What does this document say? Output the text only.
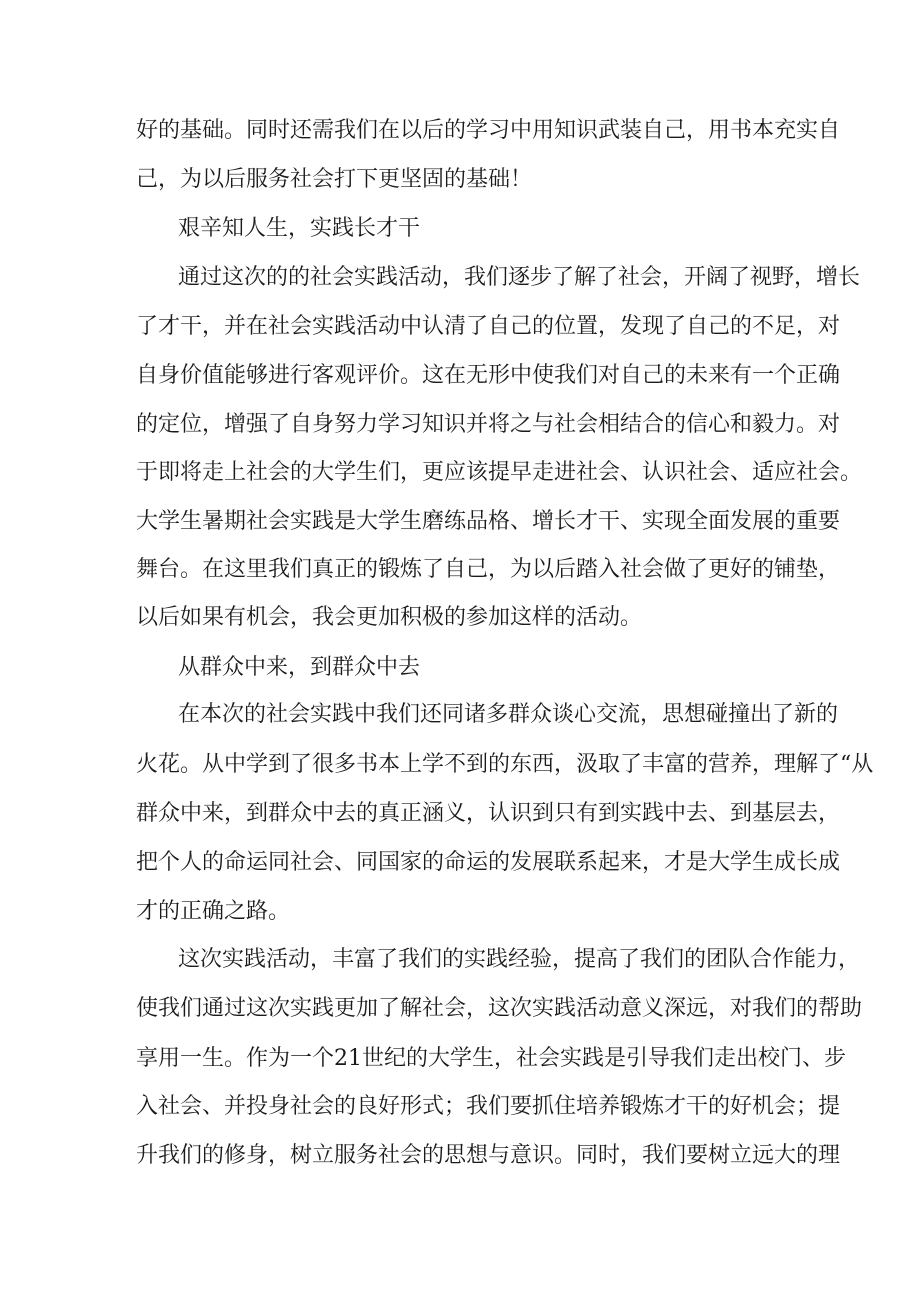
好的基础。同时还需我们在以后的学习中用知识武装自己，用书本充实自
己，为以后服务社会打下更坚固的基础！
艰辛知人生，实践长才干
通过这次的的社会实践活动，我们逐步了解了社会，开阔了视野，增长
了才干，并在社会实践活动中认清了自己的位置，发现了自己的不足，对
自身价值能够进行客观评价。这在无形中使我们对自己的未来有一个正确
的定位，增强了自身努力学习知识并将之与社会相结合的信心和毅力。对
于即将走上社会的大学生们，更应该提早走进社会、认识社会、适应社会。
大学生暑期社会实践是大学生磨练品格、增长才干、实现全面发展的重要
舞台。在这里我们真正的锻炼了自己，为以后踏入社会做了更好的铺垫，
以后如果有机会，我会更加积极的参加这样的活动。
从群众中来，到群众中去
在本次的社会实践中我们还同诸多群众谈心交流，思想碰撞出了新的
火花。从中学到了很多书本上学不到的东西，汲取了丰富的营养，理解了“从
群众中来，到群众中去的真正涵义，认识到只有到实践中去、到基层去，
把个人的命运同社会、同国家的命运的发展联系起来，才是大学生成长成
才的正确之路。
这次实践活动，丰富了我们的实践经验，提高了我们的团队合作能力，
使我们通过这次实践更加了解社会，这次实践活动意义深远，对我们的帮助
享用一生。作为一个21世纪的大学生，社会实践是引导我们走出校门、步
入社会、并投身社会的良好形式；我们要抓住培养锻炼才干的好机会；提
升我们的修身，树立服务社会的思想与意识。同时，我们要树立远大的理
